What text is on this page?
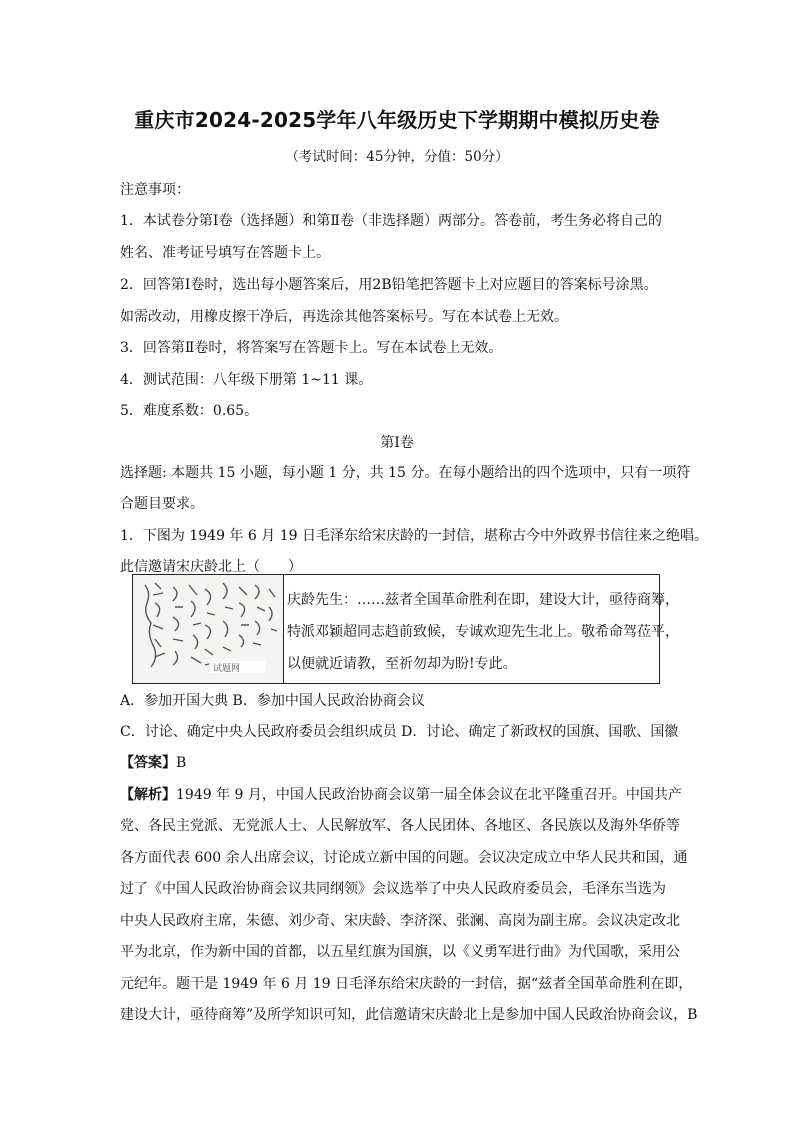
重庆市2024-2025学年八年级历史下学期期中模拟历史卷
（考试时间：45分钟，分值：50分）
注意事项：
1．本试卷分第Ⅰ卷（选择题）和第Ⅱ卷（非选择题）两部分。答卷前，考生务必将自己的
姓名、准考证号填写在答题卡上。
2．回答第Ⅰ卷时，选出每小题答案后，用2B铅笔把答题卡上对应题目的答案标号涂黑。
如需改动，用橡皮擦干净后，再选涂其他答案标号。写在本试卷上无效。
3．回答第Ⅱ卷时，将答案写在答题卡上。写在本试卷上无效。
4．测试范围：八年级下册第 1~11 课。
5．难度系数：0.65。
第Ⅰ卷
选择题: 本题共 15 小题，每小题 1 分，共 15 分。在每小题给出的四个选项中，只有一项符
合题目要求。
1．下图为 1949 年 6 月 19 日毛泽东给宋庆龄的一封信，堪称古今中外政界书信往来之绝唱。
此信邀请宋庆龄北上（　　）
试题网
庆龄先生：……兹者全国革命胜利在即，建设大计，亟待商筹，
特派邓颖超同志趋前致候，专诚欢迎先生北上。敬希命驾莅平，
以便就近请教，至祈勿却为盼!专此。
A．参加开国大典 B．参加中国人民政治协商会议
C．讨论、确定中央人民政府委员会组织成员 D．讨论、确定了新政权的国旗、国歌、国徽
【答案】B
【解析】1949 年 9 月，中国人民政治协商会议第一届全体会议在北平隆重召开。中国共产
党、各民主党派、无党派人士、人民解放军、各人民团体、各地区、各民族以及海外华侨等
各方面代表 600 余人出席会议，讨论成立新中国的问题。会议决定成立中华人民共和国，通
过了《中国人民政治协商会议共同纲领》会议选举了中央人民政府委员会，毛泽东当选为
中央人民政府主席，朱德、刘少奇、宋庆龄、李济深、张澜、高岗为副主席。会议决定改北
平为北京，作为新中国的首都，以五星红旗为国旗，以《义勇军进行曲》为代国歌，采用公
元纪年。题干是 1949 年 6 月 19 日毛泽东给宋庆龄的一封信，据“兹者全国革命胜利在即，
建设大计，亟待商筹”及所学知识可知，此信邀请宋庆龄北上是参加中国人民政治协商会议，B
